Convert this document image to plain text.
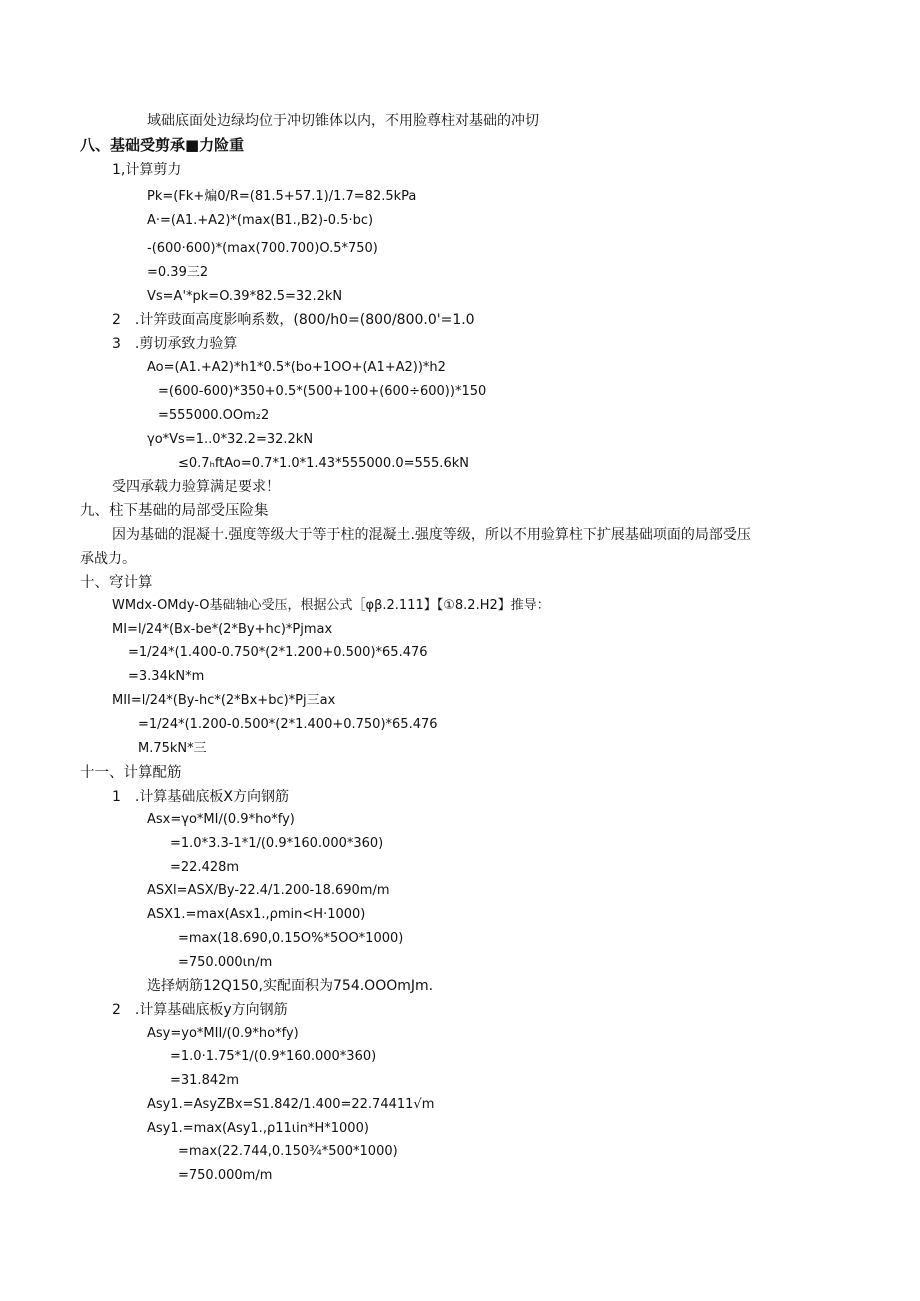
域础底面处边绿均位于冲切锥体以内，不用脸尊柱对基础的冲切
八、基础受剪承■力险重
1,计算剪力
Pk=(Fk+煸0/R=(81.5+57.1)/1.7=82.5kPa
A·=(A1.+A2)*(max(B1.,B2)-0.5·bc)
-(600·600)*(max(700.700)O.5*750)
=0.39三2
Vs=A'*pk=O.39*82.5=32.2kN
2　.计笄豉面高度影响系数，(800∕h0=(800/800.0'=1.0
3　.剪切承致力验算
Ao=(A1.+A2)*h1*0.5*(bo+1OO+(A1+A2))*h2
=(600-600)*350+0.5*(500+100+(600÷600))*150
=555000.OOm₂2
γo*Vs=1..0*32.2=32.2kN
≤0.7ₕftAo=0.7*1.0*1.43*555000.0=555.6kN
受四承载力验算满足要求！
九、柱下基础的局部受压险集
因为基础的混凝十.强度等级大于等于柱的混凝土.强度等级，所以不用验算柱下扩展基础项面的局部受压
承战力。
十、穹计算
WMdx-OMdy-O基础轴心受压，根据公式［φβ.2.111】【①8.2.H2】推导：
MI=l∕24*(Bx-be*(2*By+hc)*Pjmax
=1/24*(1.400-0.750*(2*1.200+0.500)*65.476
=3.34kN*m
MII=l/24*(By-hc*(2*Bx+bc)*Pj三ax
=1/24*(1.200-0.500*(2*1.400+0.750)*65.476
M.75kN*三
十一、计算配筋
1　.计算基础底板X方向钢筋
Asx=γo*MI∕(0.9*ho*fy)
=1.0*3.3-1*1/(0.9*160.000*360)
=22.428m
ASXl=ASX/By-22.4/1.200-18.690m∕m
ASX1.=max(Asx1.,ρmin<H·1000)
=max(18.690,0.15O%*5OO*1000)
=750.000ιn∕m
选择炳筋12Q150,实配面积为754.OOOmJm.
2　.计算基础底板y方向钢筋
Asy=yo*MII∕(0.9*ho*fy)
=1.0·1.75*1∕(0.9*160.000*360)
=31.842m
Asy1.=AsyZBx=S1.842/1.400=22.74411√m
Asy1.=max(Asy1.,ρ11ιin*H*1000)
=max(22.744,0.150¾*500*1000)
=750.000m∕m
